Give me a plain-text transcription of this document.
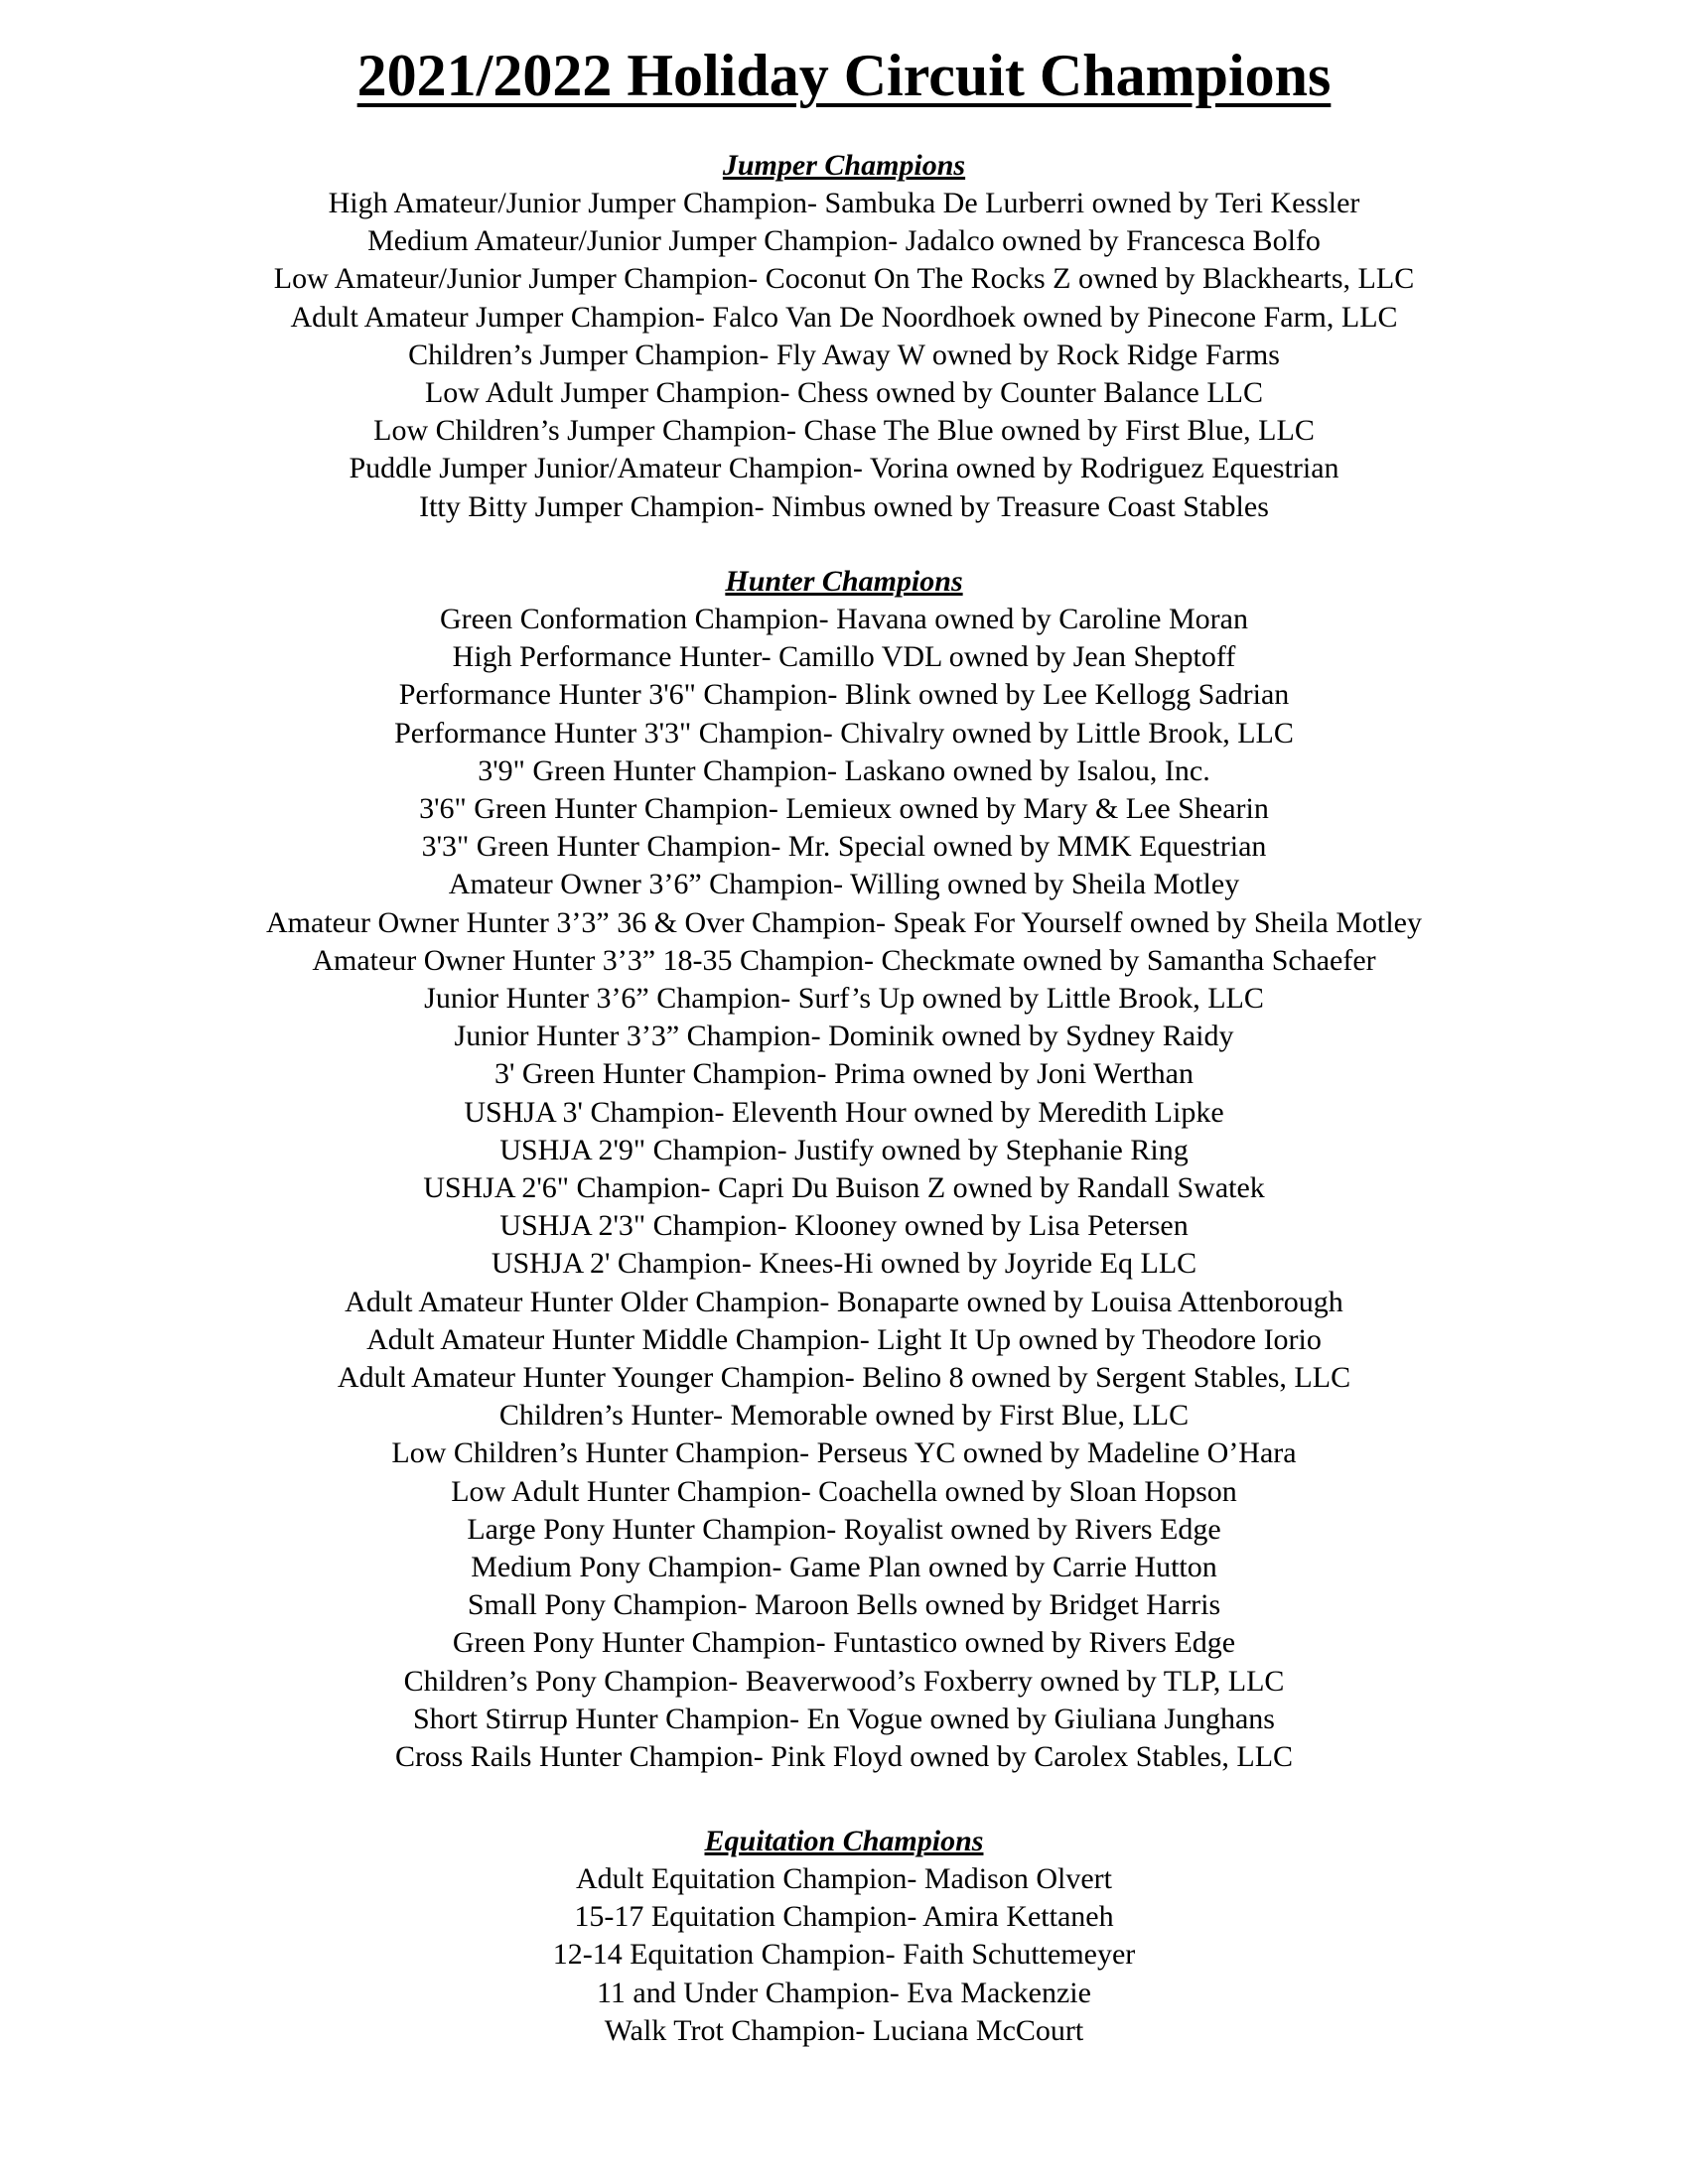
2021/2022 Holiday Circuit Champions
Jumper Champions
High Amateur/Junior Jumper Champion- Sambuka De Lurberri owned by Teri Kessler
Medium Amateur/Junior Jumper Champion- Jadalco owned by Francesca Bolfo
Low Amateur/Junior Jumper Champion- Coconut On The Rocks Z owned by Blackhearts, LLC
Adult Amateur Jumper Champion- Falco Van De Noordhoek owned by Pinecone Farm, LLC
Children’s Jumper Champion- Fly Away W owned by Rock Ridge Farms
Low Adult Jumper Champion- Chess owned by Counter Balance LLC
Low Children’s Jumper Champion- Chase The Blue owned by First Blue, LLC
Puddle Jumper Junior/Amateur Champion- Vorina owned by Rodriguez Equestrian
Itty Bitty Jumper Champion- Nimbus owned by Treasure Coast Stables
Hunter Champions
Green Conformation Champion- Havana owned by Caroline Moran
High Performance Hunter- Camillo VDL owned by Jean Sheptoff
Performance Hunter 3'6" Champion- Blink owned by Lee Kellogg Sadrian
Performance Hunter 3'3" Champion- Chivalry owned by Little Brook, LLC
3'9" Green Hunter Champion- Laskano owned by Isalou, Inc.
3'6" Green Hunter Champion- Lemieux owned by Mary & Lee Shearin
3'3" Green Hunter Champion- Mr. Special owned by MMK Equestrian
Amateur Owner 3’6” Champion- Willing owned by Sheila Motley
Amateur Owner Hunter 3’3” 36 & Over Champion- Speak For Yourself owned by Sheila Motley
Amateur Owner Hunter 3’3” 18-35 Champion- Checkmate owned by Samantha Schaefer
Junior Hunter 3’6” Champion- Surf’s Up owned by Little Brook, LLC
Junior Hunter 3’3” Champion- Dominik owned by Sydney Raidy
3' Green Hunter Champion- Prima owned by Joni Werthan
USHJA 3' Champion- Eleventh Hour owned by Meredith Lipke
USHJA 2'9" Champion- Justify owned by Stephanie Ring
USHJA 2'6" Champion- Capri Du Buison Z owned by Randall Swatek
USHJA 2'3" Champion- Klooney owned by Lisa Petersen
USHJA 2' Champion- Knees-Hi owned by Joyride Eq LLC
Adult Amateur Hunter Older Champion- Bonaparte owned by Louisa Attenborough
Adult Amateur Hunter Middle Champion- Light It Up owned by Theodore Iorio
Adult Amateur Hunter Younger Champion- Belino 8 owned by Sergent Stables, LLC
Children’s Hunter- Memorable owned by First Blue, LLC
Low Children’s Hunter Champion- Perseus YC owned by Madeline O’Hara
Low Adult Hunter Champion- Coachella owned by Sloan Hopson
Large Pony Hunter Champion- Royalist owned by Rivers Edge
Medium Pony Champion- Game Plan owned by Carrie Hutton
Small Pony Champion- Maroon Bells owned by Bridget Harris
Green Pony Hunter Champion- Funtastico owned by Rivers Edge
Children’s Pony Champion- Beaverwood’s Foxberry owned by TLP, LLC
Short Stirrup Hunter Champion- En Vogue owned by Giuliana Junghans
Cross Rails Hunter Champion- Pink Floyd owned by Carolex Stables, LLC
Equitation Champions
Adult Equitation Champion- Madison Olvert
15-17 Equitation Champion- Amira Kettaneh
12-14 Equitation Champion- Faith Schuttemeyer
11 and Under Champion- Eva Mackenzie
Walk Trot Champion- Luciana McCourt
